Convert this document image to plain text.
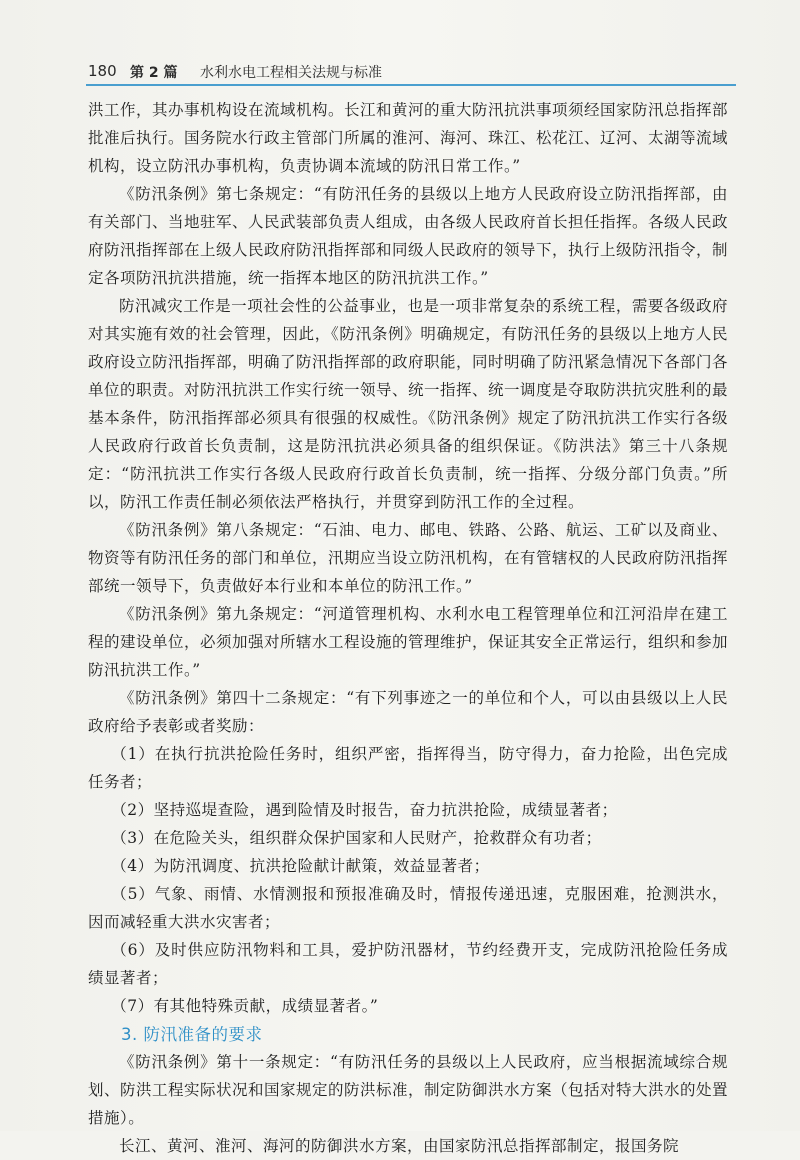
180 第 2 篇 水利水电工程相关法规与标准

洪工作，其办事机构设在流域机构。长江和黄河的重大防汛抗洪事项须经国家防汛总指挥部批准后执行。国务院水行政主管部门所属的淮河、海河、珠江、松花江、辽河、太湖等流域机构，设立防汛办事机构，负责协调本流域的防汛日常工作。”

《防汛条例》第七条规定：“有防汛任务的县级以上地方人民政府设立防汛指挥部，由有关部门、当地驻军、人民武装部负责人组成，由各级人民政府首长担任指挥。各级人民政府防汛指挥部在上级人民政府防汛指挥部和同级人民政府的领导下，执行上级防汛指令，制定各项防汛抗洪措施，统一指挥本地区的防汛抗洪工作。”

防汛减灾工作是一项社会性的公益事业，也是一项非常复杂的系统工程，需要各级政府对其实施有效的社会管理，因此，《防汛条例》明确规定，有防汛任务的县级以上地方人民政府设立防汛指挥部，明确了防汛指挥部的政府职能，同时明确了防汛紧急情况下各部门各单位的职责。对防汛抗洪工作实行统一领导、统一指挥、统一调度是夺取防洪抗灾胜利的最基本条件，防汛指挥部必须具有很强的权威性。《防汛条例》规定了防汛抗洪工作实行各级人民政府行政首长负责制，这是防汛抗洪必须具备的组织保证。《防洪法》第三十八条规定：“防汛抗洪工作实行各级人民政府行政首长负责制，统一指挥、分级分部门负责。”所以，防汛工作责任制必须依法严格执行，并贯穿到防汛工作的全过程。

《防汛条例》第八条规定：“石油、电力、邮电、铁路、公路、航运、工矿以及商业、物资等有防汛任务的部门和单位，汛期应当设立防汛机构，在有管辖权的人民政府防汛指挥部统一领导下，负责做好本行业和本单位的防汛工作。”

《防汛条例》第九条规定：“河道管理机构、水利水电工程管理单位和江河沿岸在建工程的建设单位，必须加强对所辖水工程设施的管理维护，保证其安全正常运行，组织和参加防汛抗洪工作。”

《防汛条例》第四十二条规定：“有下列事迹之一的单位和个人，可以由县级以上人民政府给予表彰或者奖励：

（1）在执行抗洪抢险任务时，组织严密，指挥得当，防守得力，奋力抢险，出色完成任务者；

（2）坚持巡堤查险，遇到险情及时报告，奋力抗洪抢险，成绩显著者；

（3）在危险关头，组织群众保护国家和人民财产，抢救群众有功者；

（4）为防汛调度、抗洪抢险献计献策，效益显著者；

（5）气象、雨情、水情测报和预报准确及时，情报传递迅速，克服困难，抢测洪水，因而减轻重大洪水灾害者；

（6）及时供应防汛物料和工具，爱护防汛器材，节约经费开支，完成防汛抢险任务成绩显著者；

（7）有其他特殊贡献，成绩显著者。”

3. 防汛准备的要求

《防汛条例》第十一条规定：“有防汛任务的县级以上人民政府，应当根据流域综合规划、防洪工程实际状况和国家规定的防洪标准，制定防御洪水方案（包括对特大洪水的处置措施）。

长江、黄河、淮河、海河的防御洪水方案，由国家防汛总指挥部制定，报国务院
